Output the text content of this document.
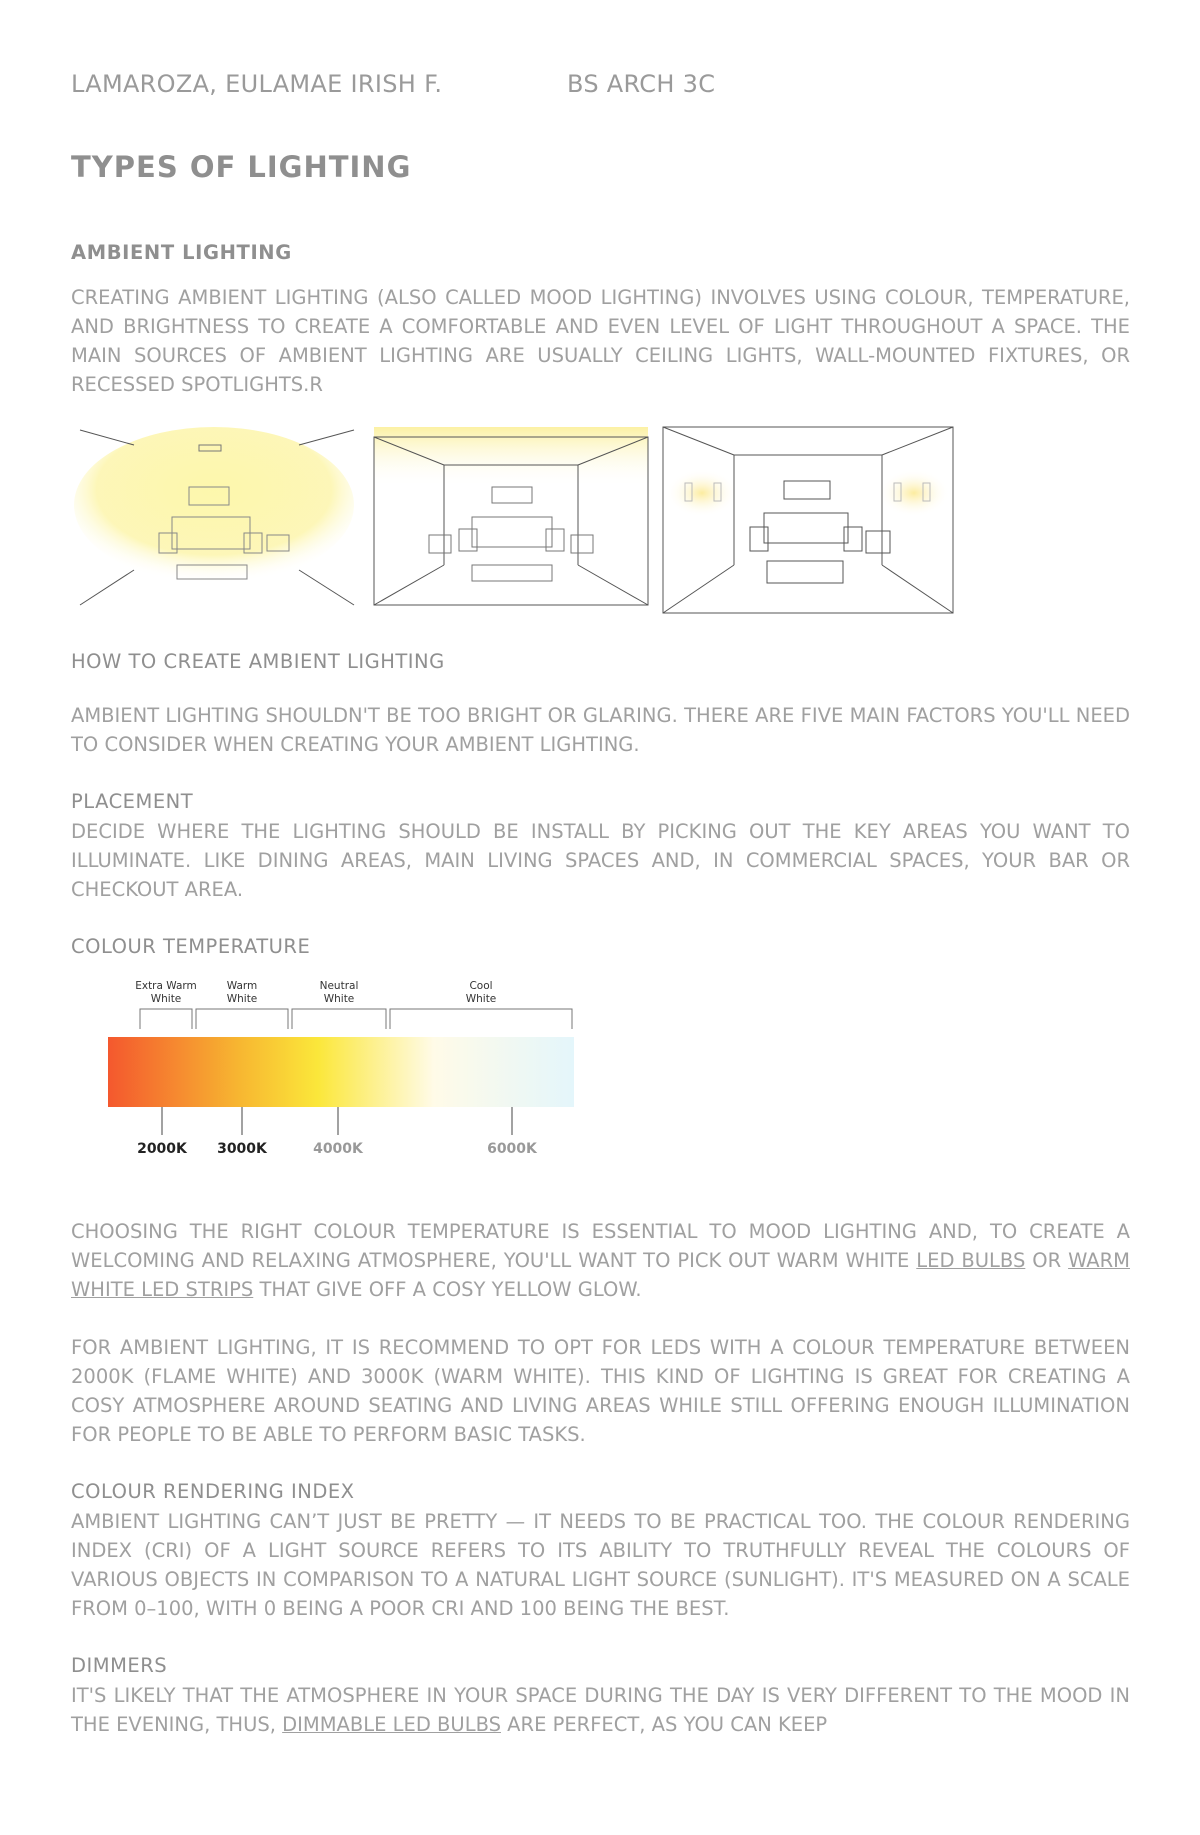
LAMAROZA, EULAMAE IRISH F.	BS ARCH 3C
TYPES OF LIGHTING
AMBIENT LIGHTING
CREATING AMBIENT LIGHTING (ALSO CALLED MOOD LIGHTING) INVOLVES USING COLOUR, TEMPERATURE, AND BRIGHTNESS TO CREATE A COMFORTABLE AND EVEN LEVEL OF LIGHT THROUGHOUT A SPACE. THE MAIN SOURCES OF AMBIENT LIGHTING ARE USUALLY CEILING LIGHTS, WALL-MOUNTED FIXTURES, OR RECESSED SPOTLIGHTS.R
HOW TO CREATE AMBIENT LIGHTING
AMBIENT LIGHTING SHOULDN'T BE TOO BRIGHT OR GLARING. THERE ARE FIVE MAIN FACTORS YOU'LL NEED TO CONSIDER WHEN CREATING YOUR AMBIENT LIGHTING.
PLACEMENT
DECIDE WHERE THE LIGHTING SHOULD BE INSTALL BY PICKING OUT THE KEY AREAS YOU WANT TO ILLUMINATE. LIKE DINING AREAS, MAIN LIVING SPACES AND, IN COMMERCIAL SPACES, YOUR BAR OR CHECKOUT AREA.
COLOUR TEMPERATURE
Extra Warm
White
Warm
White
Neutral
White
Cool
White
2000K 3000K	4000K	6000K
CHOOSING THE RIGHT COLOUR TEMPERATURE IS ESSENTIAL TO MOOD LIGHTING AND, TO CREATE A WELCOMING AND RELAXING ATMOSPHERE, YOU'LL WANT TO PICK OUT WARM WHITE LED BULBS OR WARM WHITE LED STRIPS THAT GIVE OFF A COSY YELLOW GLOW.
FOR AMBIENT LIGHTING, IT IS RECOMMEND TO OPT FOR LEDS WITH A COLOUR TEMPERATURE BETWEEN 2000K (FLAME WHITE) AND 3000K (WARM WHITE). THIS KIND OF LIGHTING IS GREAT FOR CREATING A COSY ATMOSPHERE AROUND SEATING AND LIVING AREAS WHILE STILL OFFERING ENOUGH ILLUMINATION FOR PEOPLE TO BE ABLE TO PERFORM BASIC TASKS.
COLOUR RENDERING INDEX
AMBIENT LIGHTING CAN’T JUST BE PRETTY — IT NEEDS TO BE PRACTICAL TOO. THE COLOUR RENDERING INDEX (CRI) OF A LIGHT SOURCE REFERS TO ITS ABILITY TO TRUTHFULLY REVEAL THE COLOURS OF VARIOUS OBJECTS IN COMPARISON TO A NATURAL LIGHT SOURCE (SUNLIGHT). IT'S MEASURED ON A SCALE FROM 0–100, WITH 0 BEING A POOR CRI AND 100 BEING THE BEST.
DIMMERS
IT'S LIKELY THAT THE ATMOSPHERE IN YOUR SPACE DURING THE DAY IS VERY DIFFERENT TO THE MOOD IN THE EVENING, THUS, DIMMABLE LED BULBS ARE PERFECT, AS YOU CAN KEEP
